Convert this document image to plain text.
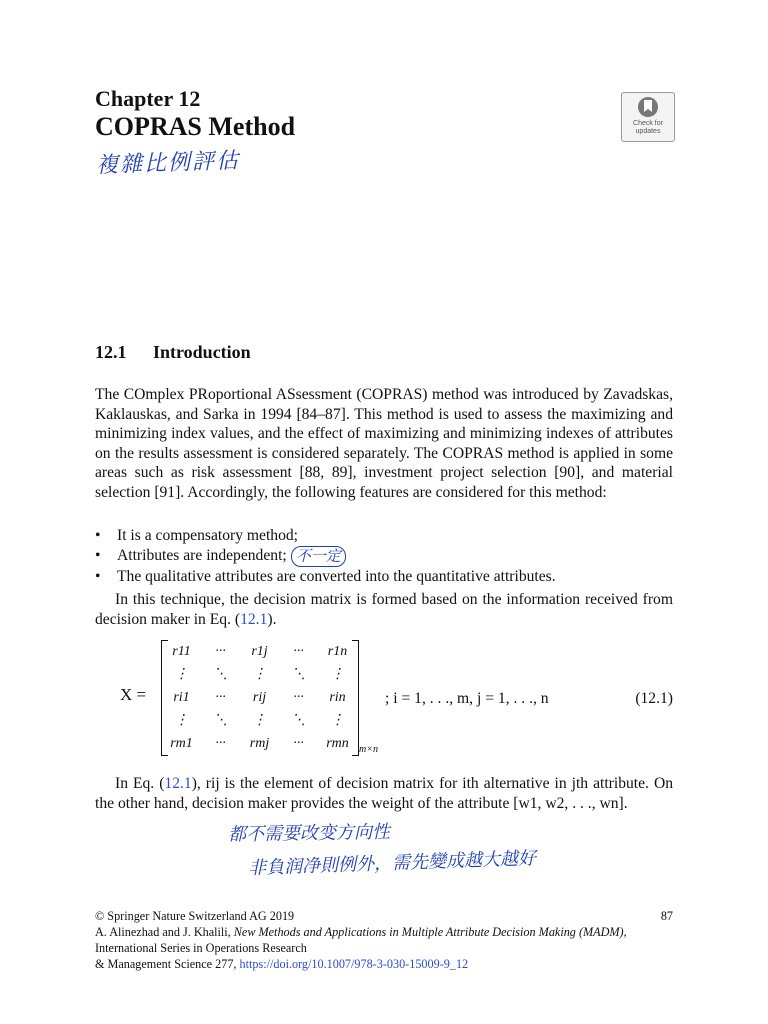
Chapter 12
COPRAS Method
複雜比例評估
Check for
updates
12.1 Introduction
The COmplex PRoportional ASsessment (COPRAS) method was introduced by Zavadskas, Kaklauskas, and Sarka in 1994 [84–87]. This method is used to assess the maximizing and minimizing index values, and the effect of maximizing and minimizing indexes of attributes on the results assessment is considered separately. The COPRAS method is applied in some areas such as risk assessment [88, 89], investment project selection [90], and material selection [91]. Accordingly, the following features are considered for this method:
•	It is a compensatory method;
•	Attributes are independent; 不一定
•	The qualitative attributes are converted into the quantitative attributes.
In this technique, the decision matrix is formed based on the information received from decision maker in Eq. (12.1).
X =
r11	···	r1j	···	r1n
⋮	⋱	⋮	⋱	⋮
ri1	···	rij	···	rin
⋮	⋱	⋮	⋱	⋮
rm1	···	rmj	···	rmn	m×n
; i = 1, . . ., m, j = 1, . . ., n	(12.1)
In Eq. (12.1), rij is the element of decision matrix for ith alternative in jth attribute. On the other hand, decision maker provides the weight of the attribute [w1, w2, . . ., wn].
都不需要改变方向性
非負润净則例外，需先變成越大越好
© Springer Nature Switzerland AG 2019	87
A. Alinezhad and J. Khalili, New Methods and Applications in Multiple Attribute Decision Making (MADM), International Series in Operations Research
& Management Science 277, https://doi.org/10.1007/978-3-030-15009-9_12
